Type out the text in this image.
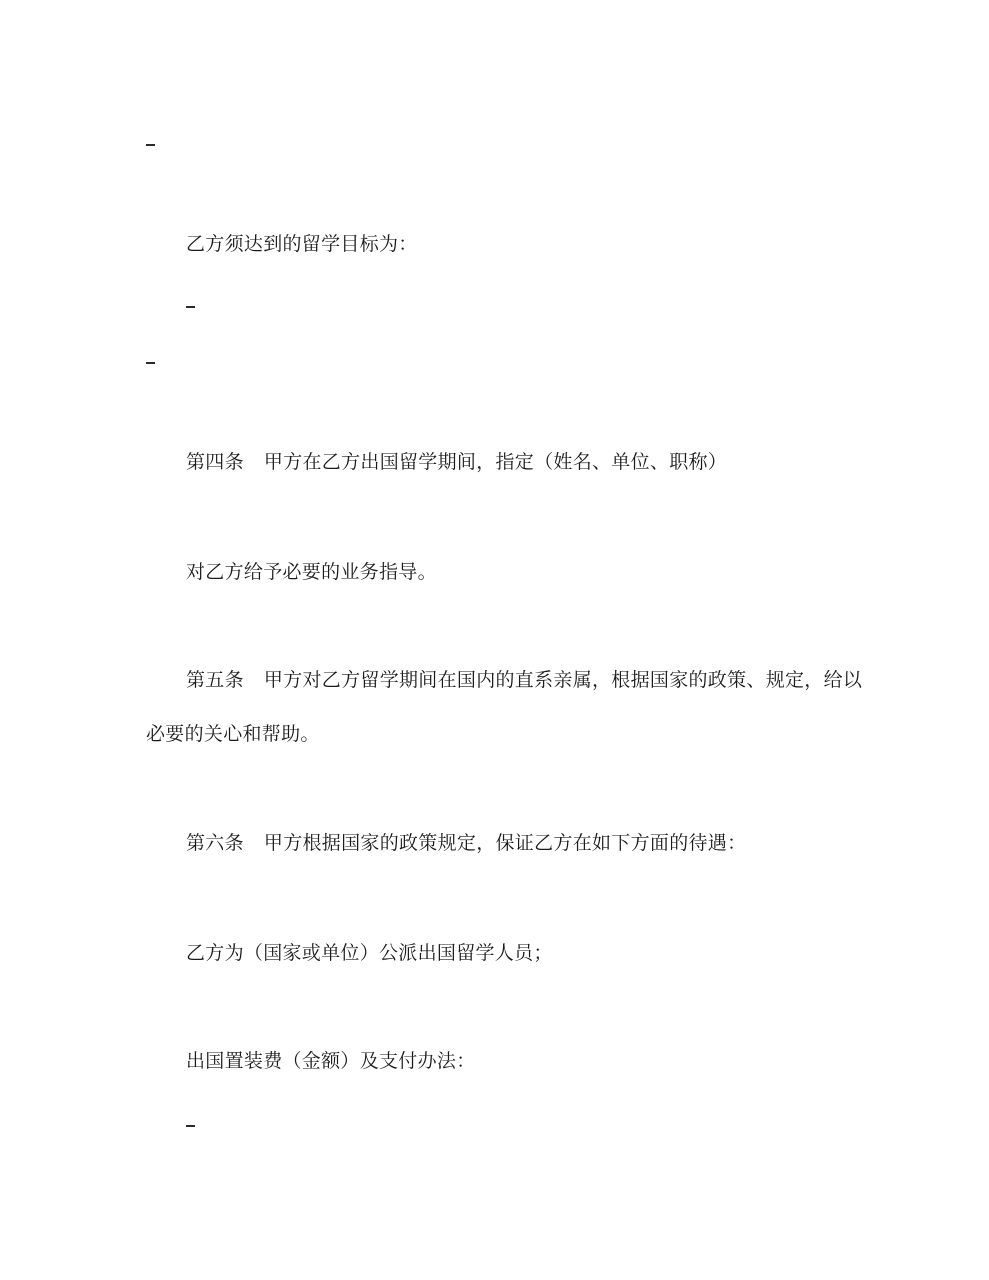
乙方须达到的留学目标为：
第四条 甲方在乙方出国留学期间，指定（姓名、单位、职称）
对乙方给予必要的业务指导。
第五条 甲方对乙方留学期间在国内的直系亲属，根据国家的政策、规定，给以
必要的关心和帮助。
第六条 甲方根据国家的政策规定，保证乙方在如下方面的待遇：
乙方为（国家或单位）公派出国留学人员；
出国置装费（金额）及支付办法：
